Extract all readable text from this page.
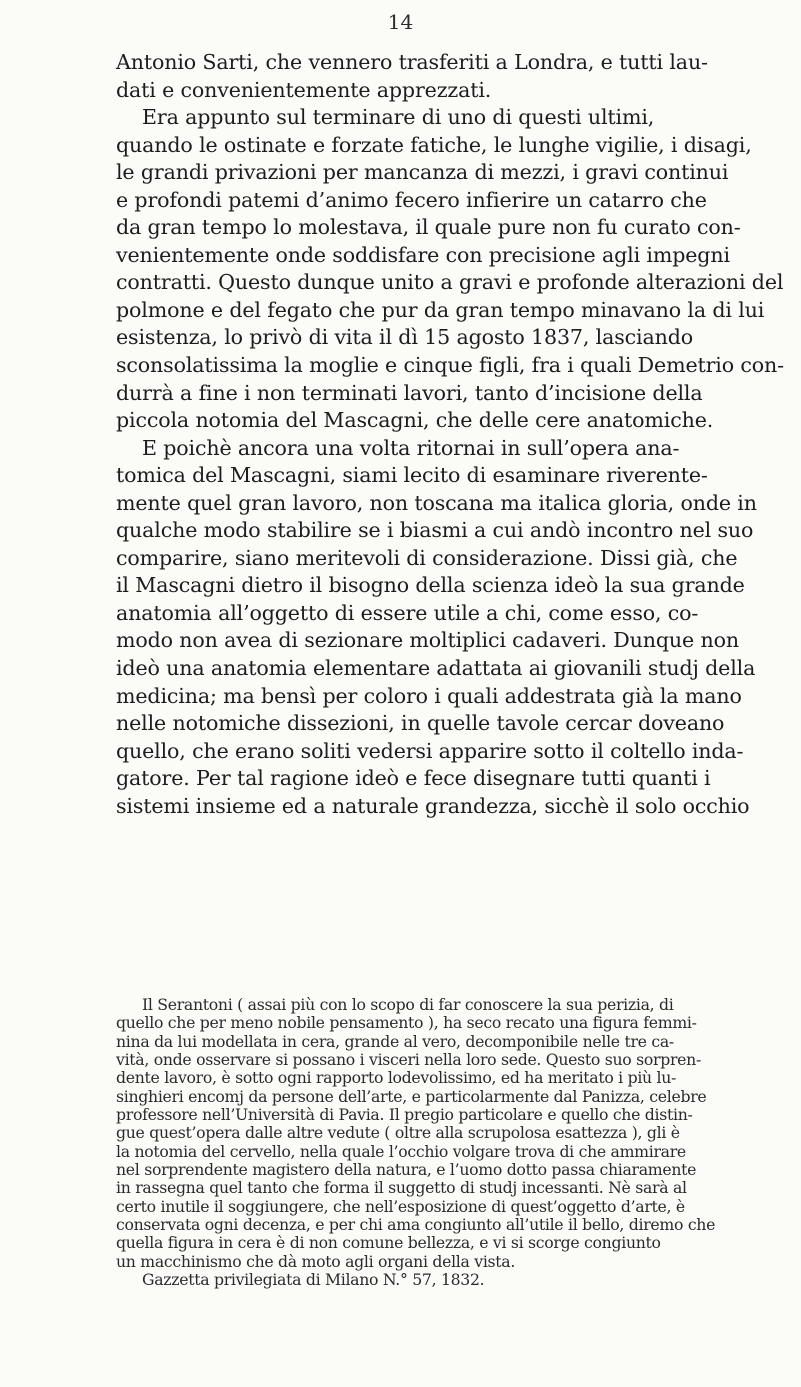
14
Antonio Sarti, che vennero trasferiti a Londra, e tutti lau-
dati e convenientemente apprezzati.
Era appunto sul terminare di uno di questi ultimi,
quando le ostinate e forzate fatiche, le lunghe vigilie, i disagi,
le grandi privazioni per mancanza di mezzi, i gravi continui
e profondi patemi d’animo fecero infierire un catarro che
da gran tempo lo molestava, il quale pure non fu curato con-
venientemente onde soddisfare con precisione agli impegni
contratti. Questo dunque unito a gravi e profonde alterazioni del
polmone e del fegato che pur da gran tempo minavano la di lui
esistenza, lo privò di vita il dì 15 agosto 1837, lasciando
sconsolatissima la moglie e cinque figli, fra i quali Demetrio con-
durrà a fine i non terminati lavori, tanto d’incisione della
piccola notomia del Mascagni, che delle cere anatomiche.
E poichè ancora una volta ritornai in sull’opera ana-
tomica del Mascagni, siami lecito di esaminare riverente-
mente quel gran lavoro, non toscana ma italica gloria, onde in
qualche modo stabilire se i biasmi a cui andò incontro nel suo
comparire, siano meritevoli di considerazione. Dissi già, che
il Mascagni dietro il bisogno della scienza ideò la sua grande
anatomia all’oggetto di essere utile a chi, come esso, co-
modo non avea di sezionare moltiplici cadaveri. Dunque non
ideò una anatomia elementare adattata ai giovanili studj della
medicina; ma bensì per coloro i quali addestrata già la mano
nelle notomiche dissezioni, in quelle tavole cercar doveano
quello, che erano soliti vedersi apparire sotto il coltello inda-
gatore. Per tal ragione ideò e fece disegnare tutti quanti i
sistemi insieme ed a naturale grandezza, sicchè il solo occhio
Il Serantoni ( assai più con lo scopo di far conoscere la sua perizia, di
quello che per meno nobile pensamento ), ha seco recato una figura femmi-
nina da lui modellata in cera, grande al vero, decomponibile nelle tre ca-
vità, onde osservare si possano i visceri nella loro sede. Questo suo sorpren-
dente lavoro, è sotto ogni rapporto lodevolissimo, ed ha meritato i più lu-
singhieri encomj da persone dell’arte, e particolarmente dal Panizza, celebre
professore nell’Università di Pavia. Il pregio particolare e quello che distin-
gue quest’opera dalle altre vedute ( oltre alla scrupolosa esattezza ), gli è
la notomia del cervello, nella quale l’occhio volgare trova di che ammirare
nel sorprendente magistero della natura, e l’uomo dotto passa chiaramente
in rassegna quel tanto che forma il suggetto di studj incessanti. Nè sarà al
certo inutile il soggiungere, che nell’esposizione di quest’oggetto d’arte, è
conservata ogni decenza, e per chi ama congiunto all’utile il bello, diremo che
quella figura in cera è di non comune bellezza, e vi si scorge congiunto
un macchinismo che dà moto agli organi della vista.
Gazzetta privilegiata di Milano N.° 57, 1832.
